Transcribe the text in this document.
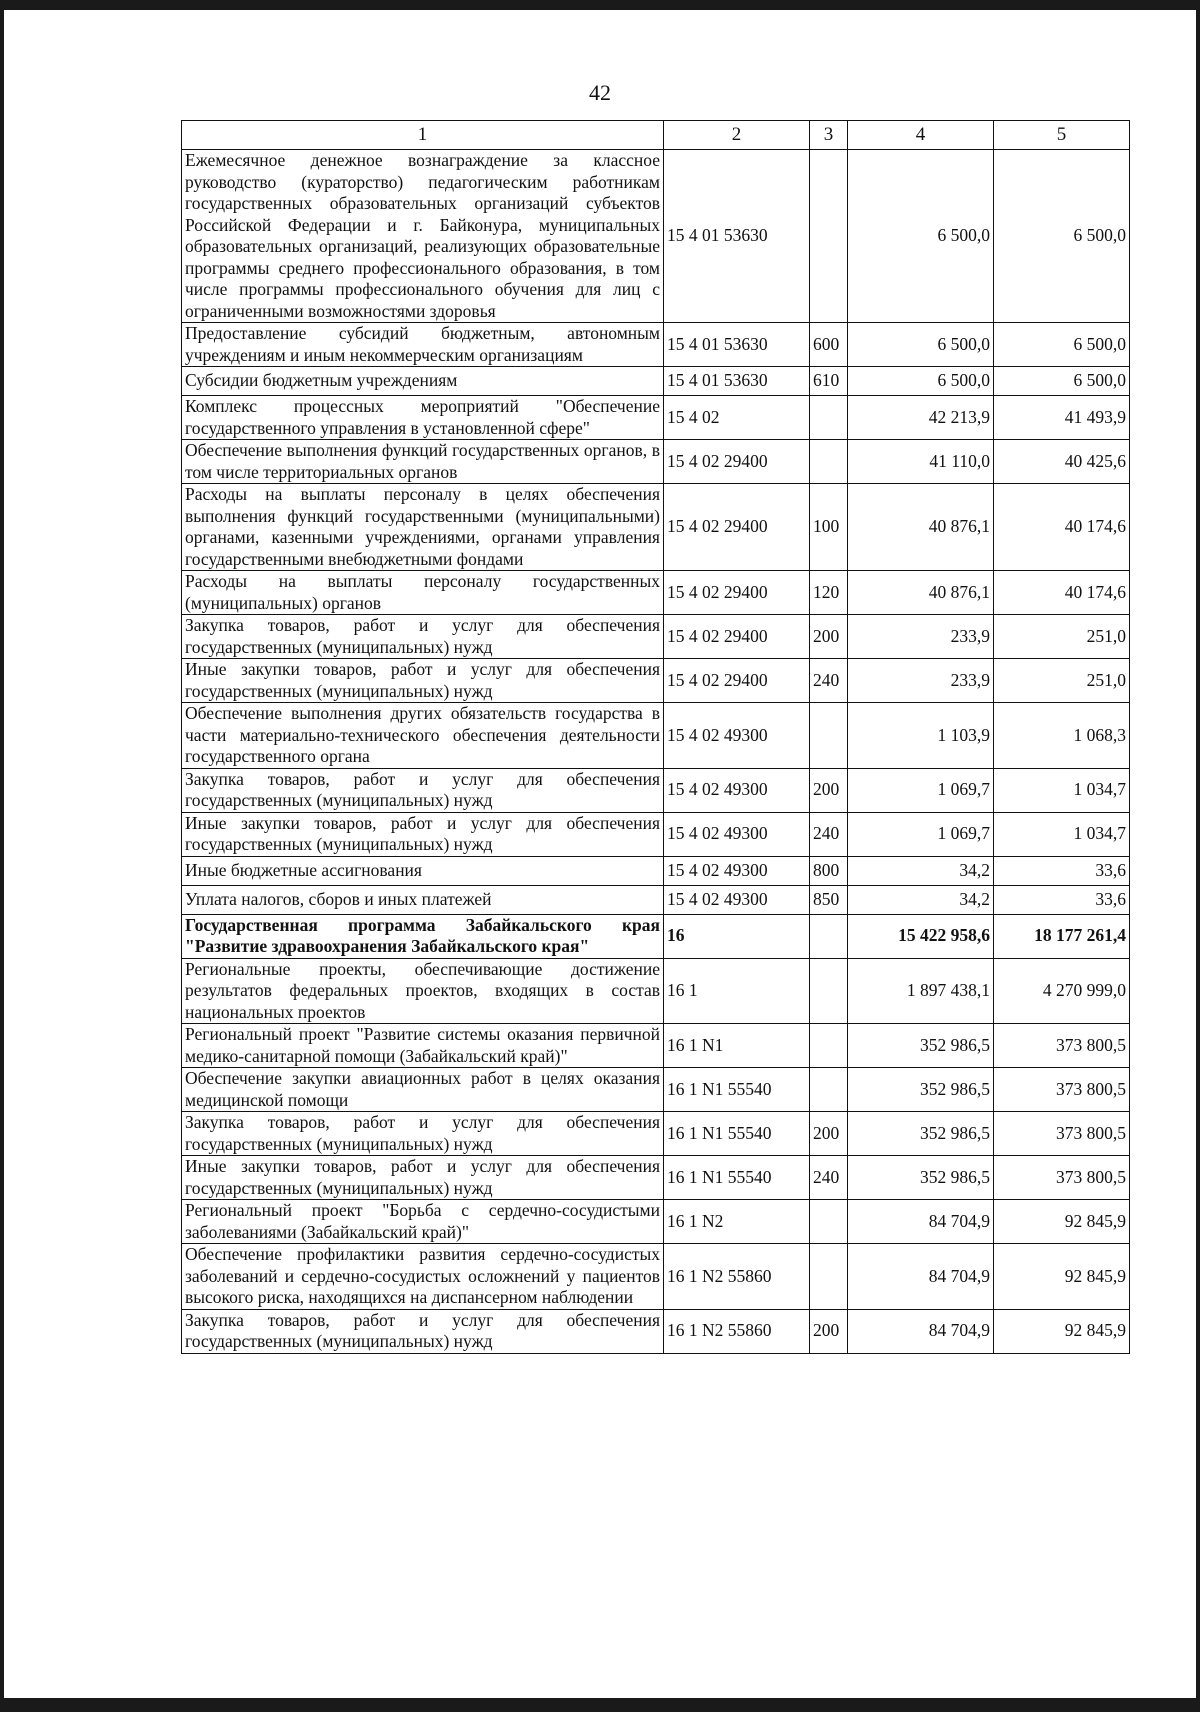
42
1	2	3	4	5
Ежемесячное денежное вознаграждение за классное руководство (кураторство) педагогическим работникам государственных образовательных организаций субъектов Российской Федерации и г. Байконура, муниципальных образовательных организаций, реализующих образовательные программы среднего профессионального образования, в том числе программы профессионального обучения для лиц с ограниченными возможностями здоровья	15 4 01 53630		6 500,0	6 500,0
Предоставление субсидий бюджетным, автономным учреждениям и иным некоммерческим организациям	15 4 01 53630	600	6 500,0	6 500,0
Субсидии бюджетным учреждениям	15 4 01 53630	610	6 500,0	6 500,0
Комплекс процессных мероприятий "Обеспечение государственного управления в установленной сфере"	15 4 02		42 213,9	41 493,9
Обеспечение выполнения функций государственных органов, в том числе территориальных органов	15 4 02 29400		41 110,0	40 425,6
Расходы на выплаты персоналу в целях обеспечения выполнения функций государственными (муниципальными) органами, казенными учреждениями, органами управления государственными внебюджетными фондами	15 4 02 29400	100	40 876,1	40 174,6
Расходы на выплаты персоналу государственных (муниципальных) органов	15 4 02 29400	120	40 876,1	40 174,6
Закупка товаров, работ и услуг для обеспечения государственных (муниципальных) нужд	15 4 02 29400	200	233,9	251,0
Иные закупки товаров, работ и услуг для обеспечения государственных (муниципальных) нужд	15 4 02 29400	240	233,9	251,0
Обеспечение выполнения других обязательств государства в части материально-технического обеспечения деятельности государственного органа	15 4 02 49300		1 103,9	1 068,3
Закупка товаров, работ и услуг для обеспечения государственных (муниципальных) нужд	15 4 02 49300	200	1 069,7	1 034,7
Иные закупки товаров, работ и услуг для обеспечения государственных (муниципальных) нужд	15 4 02 49300	240	1 069,7	1 034,7
Иные бюджетные ассигнования	15 4 02 49300	800	34,2	33,6
Уплата налогов, сборов и иных платежей	15 4 02 49300	850	34,2	33,6
Государственная программа Забайкальского края "Развитие здравоохранения Забайкальского края"	16		15 422 958,6	18 177 261,4
Региональные проекты, обеспечивающие достижение результатов федеральных проектов, входящих в состав национальных проектов	16 1		1 897 438,1	4 270 999,0
Региональный проект "Развитие системы оказания первичной медико-санитарной помощи (Забайкальский край)"	16 1 N1		352 986,5	373 800,5
Обеспечение закупки авиационных работ в целях оказания медицинской помощи	16 1 N1 55540		352 986,5	373 800,5
Закупка товаров, работ и услуг для обеспечения государственных (муниципальных) нужд	16 1 N1 55540	200	352 986,5	373 800,5
Иные закупки товаров, работ и услуг для обеспечения государственных (муниципальных) нужд	16 1 N1 55540	240	352 986,5	373 800,5
Региональный проект "Борьба с сердечно-сосудистыми заболеваниями (Забайкальский край)"	16 1 N2		84 704,9	92 845,9
Обеспечение профилактики развития сердечно-сосудистых заболеваний и сердечно-сосудистых осложнений у пациентов высокого риска, находящихся на диспансерном наблюдении	16 1 N2 55860		84 704,9	92 845,9
Закупка товаров, работ и услуг для обеспечения государственных (муниципальных) нужд	16 1 N2 55860	200	84 704,9	92 845,9
